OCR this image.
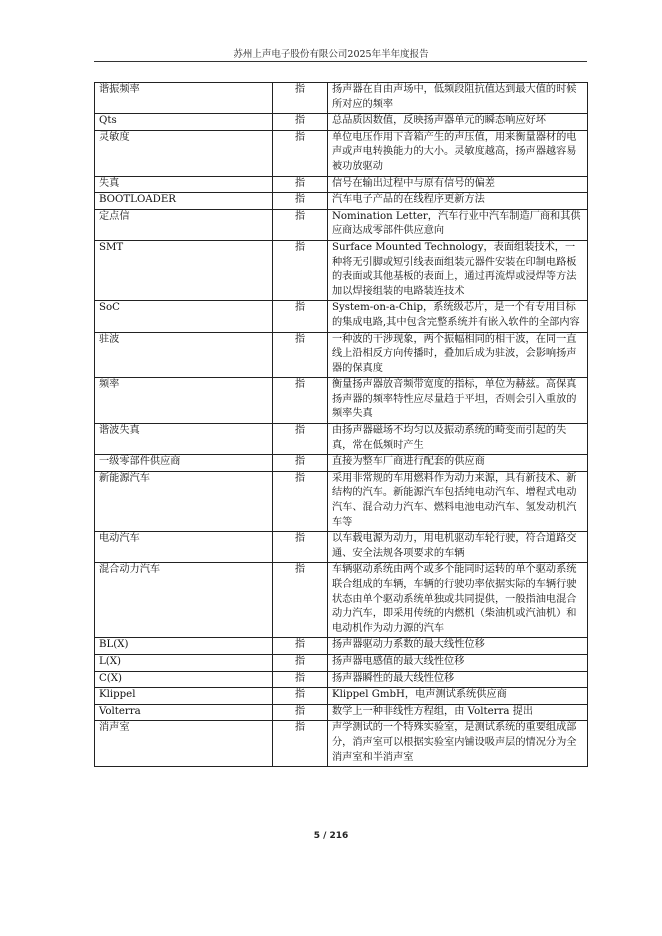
苏州上声电子股份有限公司2025年半年度报告
谐振频率	指	扬声器在自由声场中，低频段阻抗值达到最大值的时候所对应的频率
Qts	指	总品质因数值，反映扬声器单元的瞬态响应好坏
灵敏度	指	单位电压作用下音箱产生的声压值，用来衡量器材的电声或声电转换能力的大小。灵敏度越高，扬声器越容易被功放驱动
失真	指	信号在输出过程中与原有信号的偏差
BOOTLOADER	指	汽车电子产品的在线程序更新方法
定点信	指	Nomination Letter，汽车行业中汽车制造厂商和其供应商达成零部件供应意向
SMT	指	Surface Mounted Technology，表面组装技术，一种将无引脚或短引线表面组装元器件安装在印制电路板的表面或其他基板的表面上，通过再流焊或浸焊等方法加以焊接组装的电路装连技术
SoC	指	System-on-a-Chip，系统级芯片，是一个有专用目标的集成电路,其中包含完整系统并有嵌入软件的全部内容
驻波	指	一种波的干涉现象，两个振幅相同的相干波，在同一直线上沿相反方向传播时，叠加后成为驻波，会影响扬声器的保真度
频率	指	衡量扬声器放音频带宽度的指标，单位为赫兹。高保真扬声器的频率特性应尽量趋于平坦，否则会引入重放的频率失真
谐波失真	指	由扬声器磁场不均匀以及振动系统的畸变而引起的失真，常在低频时产生
一级零部件供应商	指	直接为整车厂商进行配套的供应商
新能源汽车	指	采用非常规的车用燃料作为动力来源，具有新技术、新结构的汽车。新能源汽车包括纯电动汽车、增程式电动汽车、混合动力汽车、燃料电池电动汽车、氢发动机汽车等
电动汽车	指	以车载电源为动力，用电机驱动车轮行驶，符合道路交通、安全法规各项要求的车辆
混合动力汽车	指	车辆驱动系统由两个或多个能同时运转的单个驱动系统联合组成的车辆，车辆的行驶功率依据实际的车辆行驶状态由单个驱动系统单独或共同提供，一般指油电混合动力汽车，即采用传统的内燃机（柴油机或汽油机）和电动机作为动力源的汽车
BL(X)	指	扬声器驱动力系数的最大线性位移
L(X)	指	扬声器电感值的最大线性位移
C(X)	指	扬声器瞬性的最大线性位移
Klippel	指	Klippel GmbH，电声测试系统供应商
Volterra	指	数学上一种非线性方程组，由 Volterra 提出
消声室	指	声学测试的一个特殊实验室，是测试系统的重要组成部分，消声室可以根据实验室内铺设吸声层的情况分为全消声室和半消声室
5 / 216
